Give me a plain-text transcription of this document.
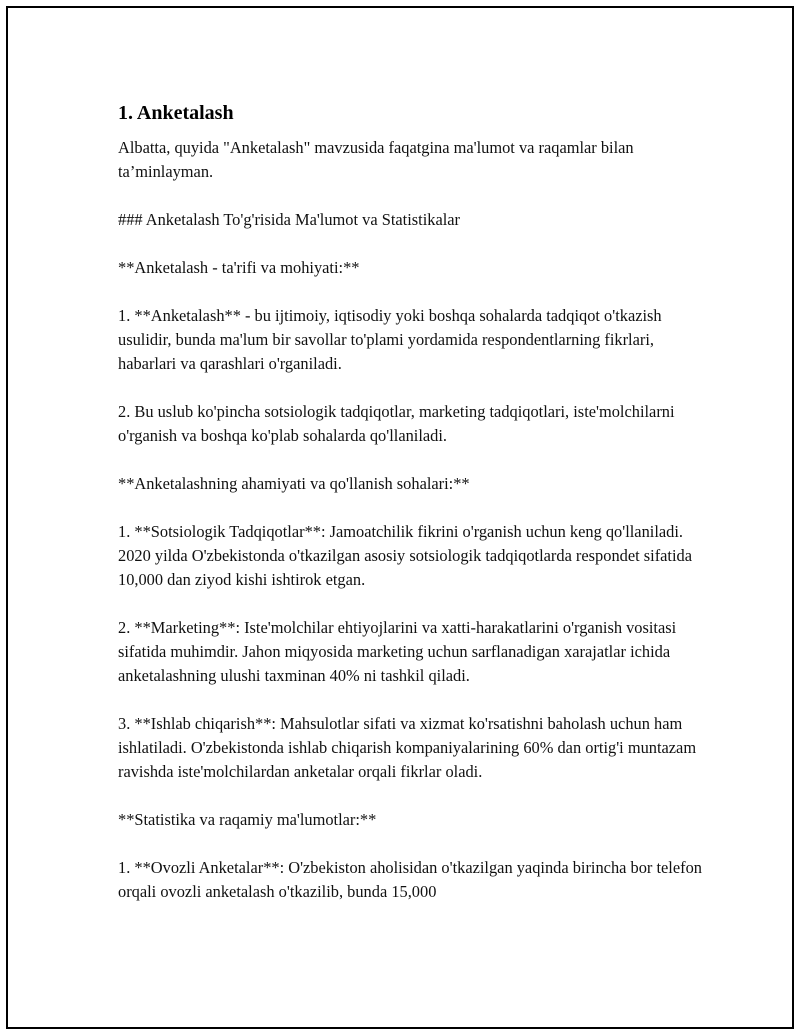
1. Anketalash

Albatta, quyida "Anketalash" mavzusida faqatgina ma'lumot va raqamlar bilan ta’minlayman.

### Anketalash To'g'risida Ma'lumot va Statistikalar

**Anketalash - ta'rifi va mohiyati:**

1. **Anketalash** - bu ijtimoiy, iqtisodiy yoki boshqa sohalarda tadqiqot o'tkazish usulidir, bunda ma'lum bir savollar to'plami yordamida respondentlarning fikrlari, habarlari va qarashlari o'rganiladi.

2. Bu uslub ko'pincha sotsiologik tadqiqotlar, marketing tadqiqotlari, iste'molchilarni o'rganish va boshqa ko'plab sohalarda qo'llaniladi.

**Anketalashning ahamiyati va qo'llanish sohalari:**

1. **Sotsiologik Tadqiqotlar**: Jamoatchilik fikrini o'rganish uchun keng qo'llaniladi. 2020 yilda O'zbekistonda o'tkazilgan asosiy sotsiologik tadqiqotlarda respondet sifatida 10,000 dan ziyod kishi ishtirok etgan.

2. **Marketing**: Iste'molchilar ehtiyojlarini va xatti-harakatlarini o'rganish vositasi sifatida muhimdir. Jahon miqyosida marketing uchun sarflanadigan xarajatlar ichida anketalashning ulushi taxminan 40% ni tashkil qiladi.

3. **Ishlab chiqarish**: Mahsulotlar sifati va xizmat ko'rsatishni baholash uchun ham ishlatiladi. O'zbekistonda ishlab chiqarish kompaniyalarining 60% dan ortig'i muntazam ravishda iste'molchilardan anketalar orqali fikrlar oladi.

**Statistika va raqamiy ma'lumotlar:**

1. **Ovozli Anketalar**: O'zbekiston aholisidan o'tkazilgan yaqinda birincha bor telefon orqali ovozli anketalash o'tkazilib, bunda 15,000
